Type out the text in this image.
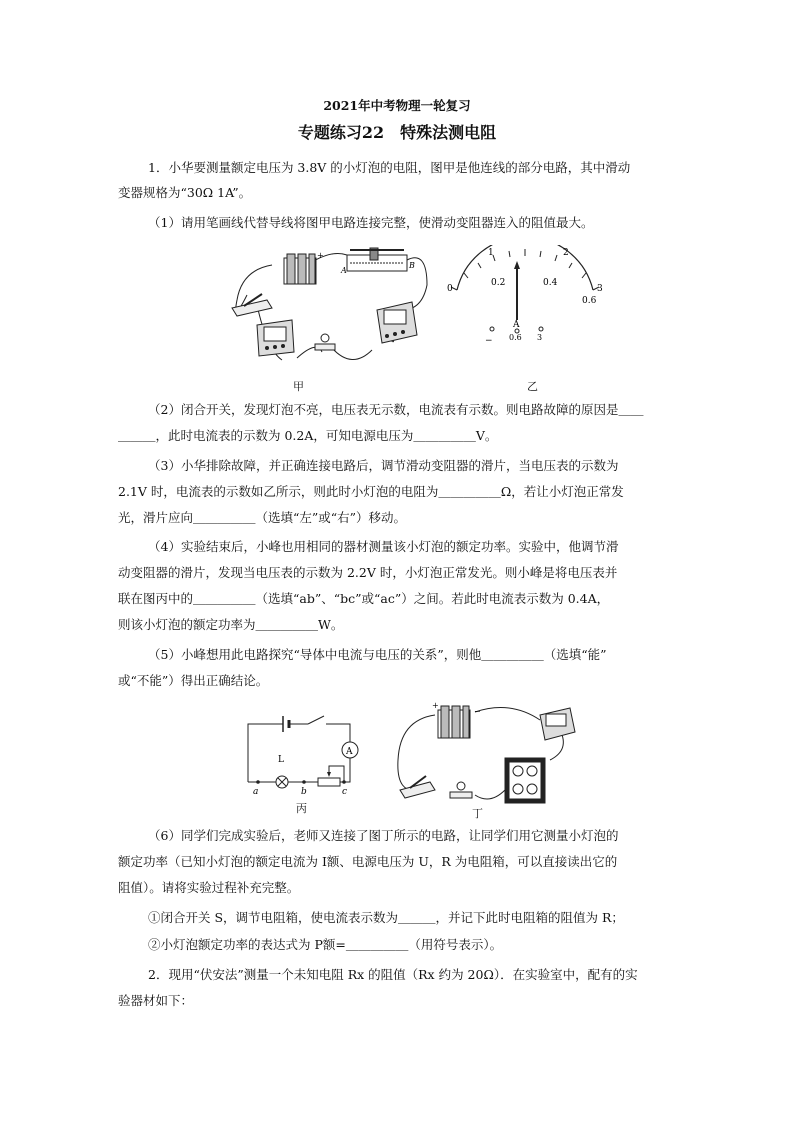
2021年中考物理一轮复习
专题练习22　特殊法测电阻
1．小华要测量额定电压为 3.8V 的小灯泡的电阻，图甲是他连线的部分电路，其中滑动
变器规格为“30Ω 1A”。
（1）请用笔画线代替导线将图甲电路连接完整，使滑动变阻器连入的阻值最大。
+
A
B
甲
0
1	2
3
0.2	0.4
0.6
A
− 0.6 3
乙
（2）闭合开关，发现灯泡不亮，电压表无示数，电流表有示数。则电路故障的原因是＿＿
＿＿＿，此时电流表的示数为 0.2A，可知电源电压为＿＿＿＿＿V。
（3）小华排除故障，并正确连接电路后，调节滑动变阻器的滑片，当电压表的示数为
2.1V 时，电流表的示数如乙所示，则此时小灯泡的电阻为＿＿＿＿＿Ω，若让小灯泡正常发
光，滑片应向＿＿＿＿＿（选填“左”或“右”）移动。
（4）实验结束后，小峰也用相同的器材测量该小灯泡的额定功率。实验中，他调节滑
动变阻器的滑片，发现当电压表的示数为 2.2V 时，小灯泡正常发光。则小峰是将电压表并
联在图丙中的＿＿＿＿＿（选填“ab”、“bc”或“ac”）之间。若此时电流表示数为 0.4A，
则该小灯泡的额定功率为＿＿＿＿＿W。
（5）小峰想用此电路探究“导体中电流与电压的关系”，则他＿＿＿＿＿（选填“能”
或“不能”）得出正确结论。
A
L
a	b	c
丙
+
−
丁
（6）同学们完成实验后，老师又连接了图丁所示的电路，让同学们用它测量小灯泡的
额定功率（已知小灯泡的额定电流为 I额、电源电压为 U，R 为电阻箱，可以直接读出它的
阻值）。请将实验过程补充完整。
①闭合开关 S，调节电阻箱，使电流表示数为＿＿＿，并记下此时电阻箱的阻值为 R；
②小灯泡额定功率的表达式为 P额=＿＿＿＿＿（用符号表示）。
2．现用“伏安法”测量一个未知电阻 Rx 的阻值（Rx 约为 20Ω）．在实验室中，配有的实
验器材如下：
